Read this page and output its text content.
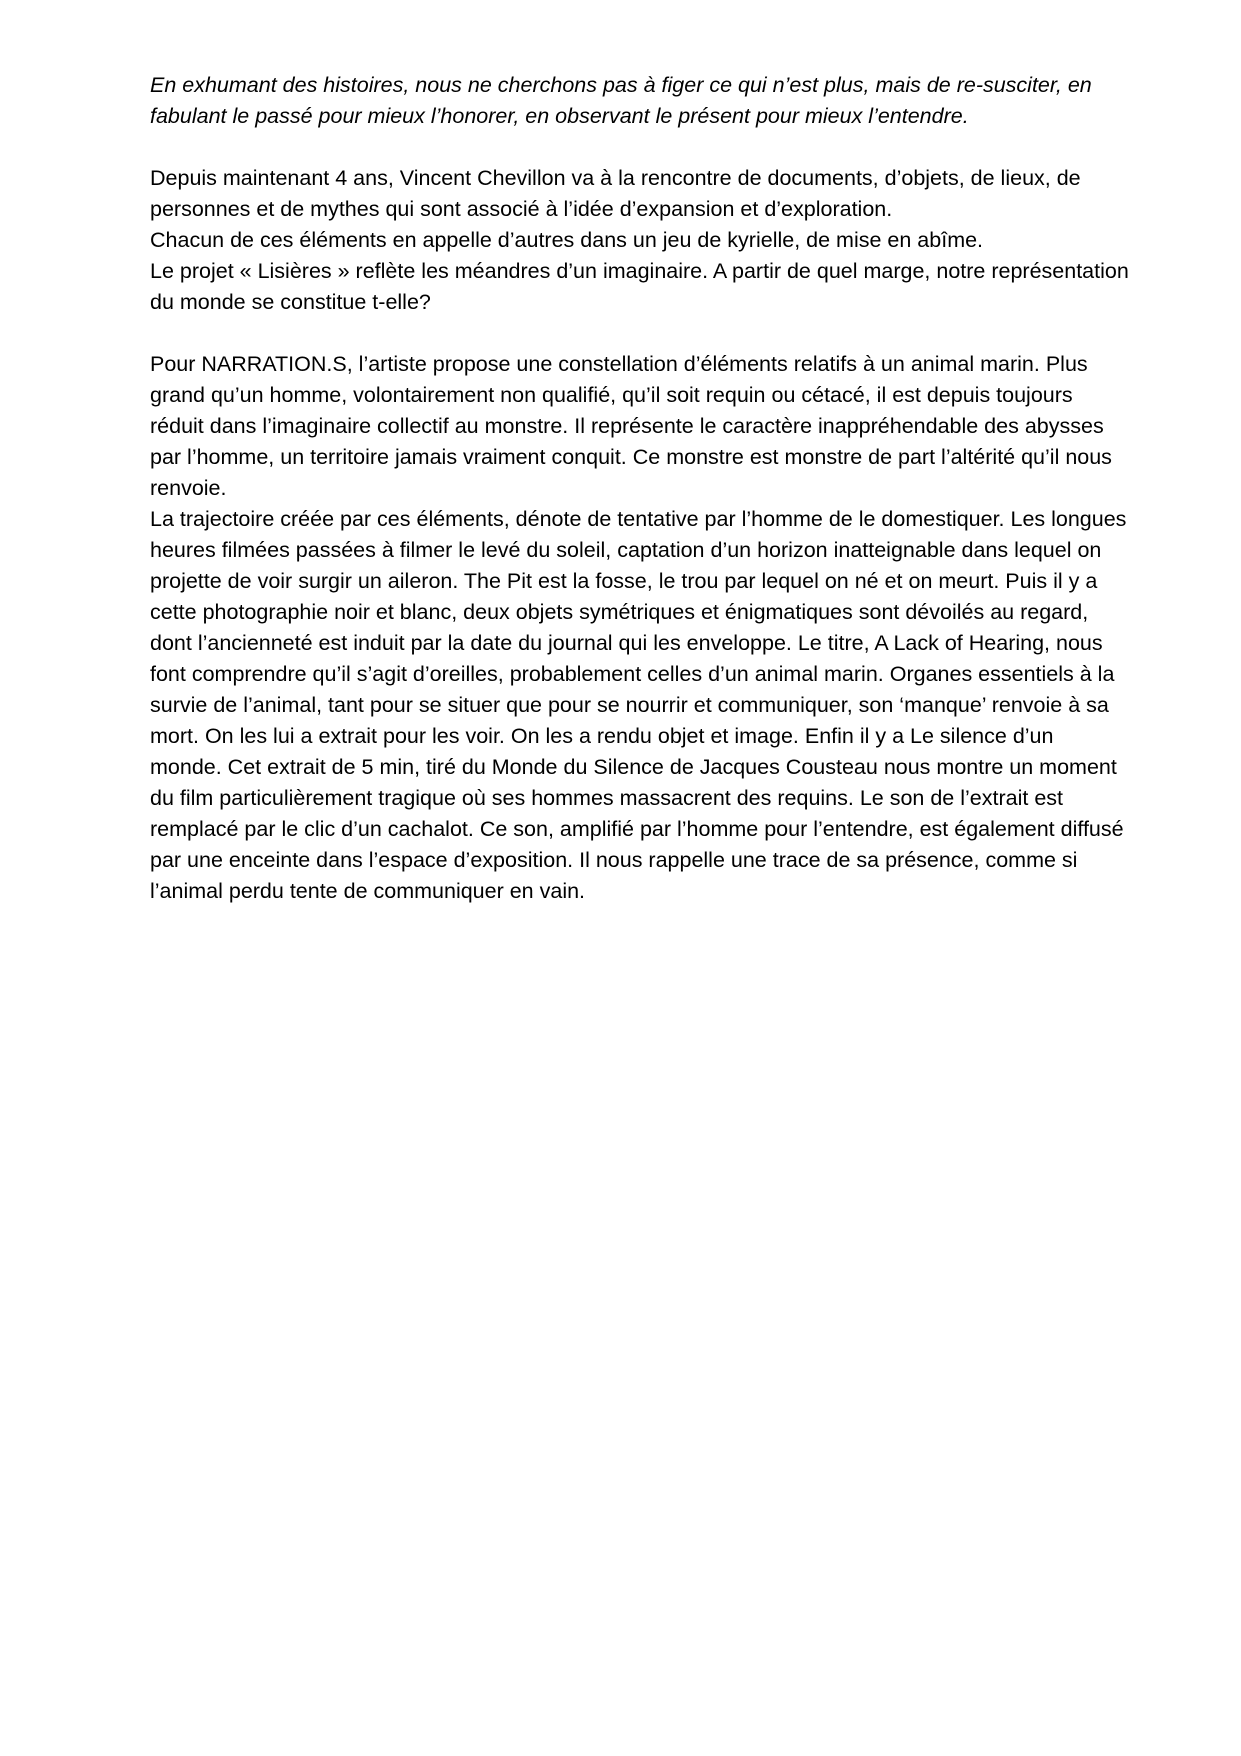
En exhumant des histoires, nous ne cherchons pas à figer ce qui n’est plus, mais de re-susciter, en
fabulant le passé pour mieux l’honorer, en observant le présent pour mieux l’entendre.
Depuis maintenant 4 ans, Vincent Chevillon va à la rencontre de documents, d’objets, de lieux, de
personnes et de mythes qui sont associé à l’idée d’expansion et d’exploration.
Chacun de ces éléments en appelle d’autres dans un jeu de kyrielle, de mise en abîme.
Le projet « Lisières » reflète les méandres d’un imaginaire. A partir de quel marge, notre représentation
du monde se constitue t-elle?
Pour NARRATION.S, l’artiste propose une constellation d’éléments relatifs à un animal marin. Plus
grand qu’un homme, volontairement non qualifié, qu’il soit requin ou cétacé, il est depuis toujours
réduit dans l’imaginaire collectif au monstre. Il représente le caractère inappréhendable des abysses
par l’homme, un territoire jamais vraiment conquit. Ce monstre est monstre de part l’altérité qu’il nous
renvoie.
La trajectoire créée par ces éléments, dénote de tentative par l’homme de le domestiquer. Les longues
heures filmées passées à filmer le levé du soleil, captation d’un horizon inatteignable dans lequel on
projette de voir surgir un aileron. The Pit est la fosse, le trou par lequel on né et on meurt. Puis il y a
cette photographie noir et blanc, deux objets symétriques et énigmatiques sont dévoilés au regard,
dont l’ancienneté est induit par la date du journal qui les enveloppe. Le titre, A Lack of Hearing, nous
font comprendre qu’il s’agit d’oreilles, probablement celles d’un animal marin. Organes essentiels à la
survie de l’animal, tant pour se situer que pour se nourrir et communiquer, son ‘manque’ renvoie à sa
mort. On les lui a extrait pour les voir. On les a rendu objet et image. Enfin il y a Le silence d’un
monde. Cet extrait de 5 min, tiré du Monde du Silence de Jacques Cousteau nous montre un moment
du film particulièrement tragique où ses hommes massacrent des requins. Le son de l’extrait est
remplacé par le clic d’un cachalot. Ce son, amplifié par l’homme pour l’entendre, est également diffusé
par une enceinte dans l’espace d’exposition. Il nous rappelle une trace de sa présence, comme si
l’animal perdu tente de communiquer en vain.
